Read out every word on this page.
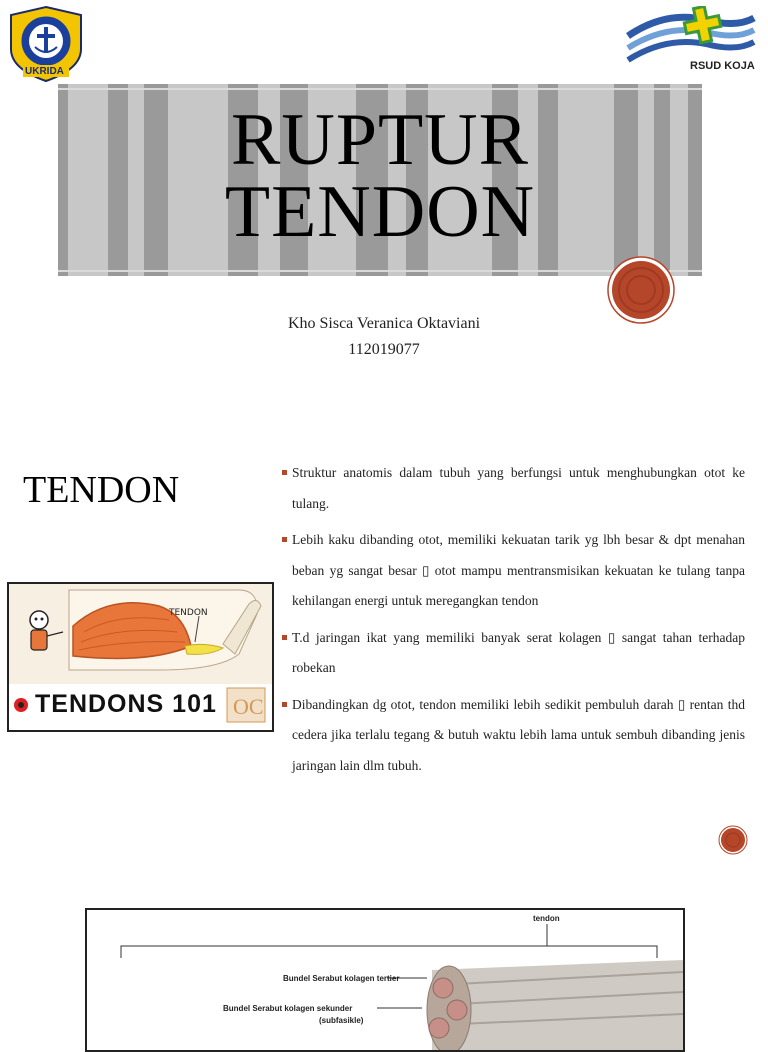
UKRIDA	RSUD KOJA
RUPTUR
TENDON
Kho Sisca Veranica Oktaviani
112019077
TENDON
TENDON
TENDONS 101 OC
Struktur anatomis dalam tubuh yang berfungsi untuk menghubungkan otot ke tulang.
Lebih kaku dibanding otot, memiliki kekuatan tarik yg lbh besar & dpt menahan beban yg sangat besar ▯ otot mampu mentransmisikan kekuatan ke tulang tanpa kehilangan energi untuk meregangkan tendon
T.d jaringan ikat yang memiliki banyak serat kolagen ▯ sangat tahan terhadap robekan
Dibandingkan dg otot, tendon memiliki lebih sedikit pembuluh darah ▯ rentan thd cedera jika terlalu tegang & butuh waktu lebih lama untuk sembuh dibanding jenis jaringan lain dlm tubuh.
tendon
Bundel Serabut kolagen tertier
Bundel Serabut kolagen sekunder
(subfasikle)
